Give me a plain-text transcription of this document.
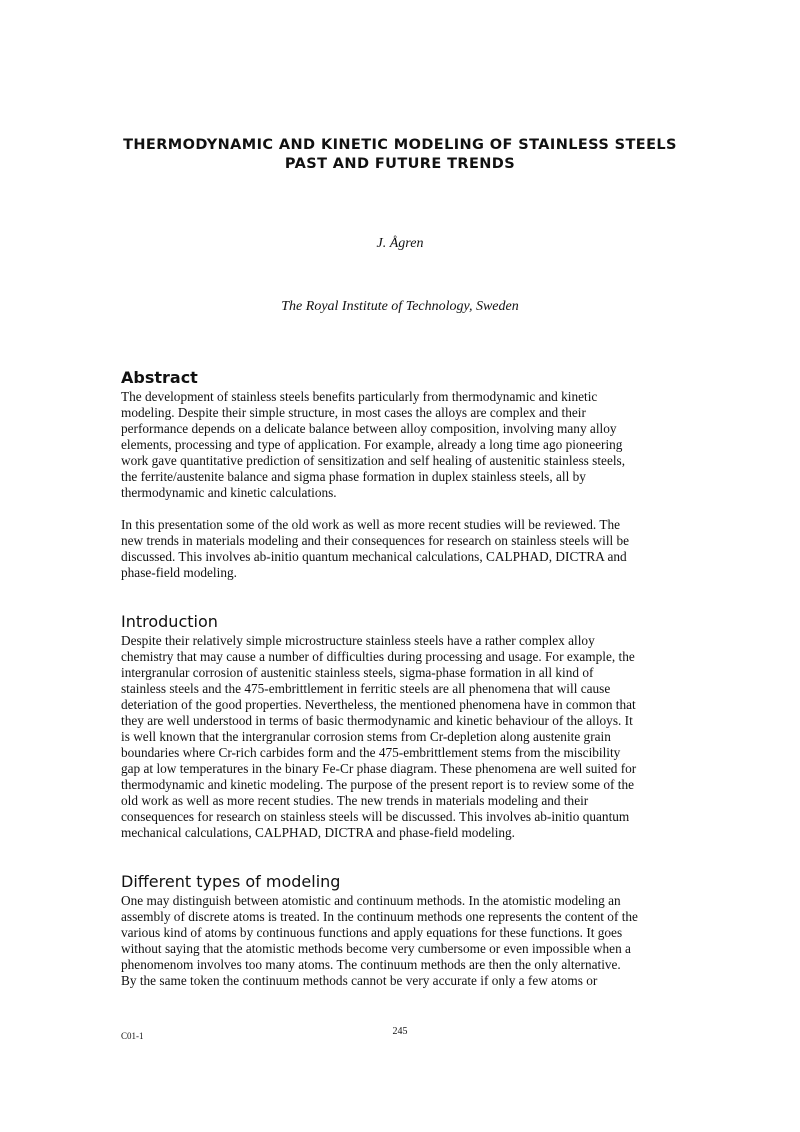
THERMODYNAMIC AND KINETIC MODELING OF STAINLESS STEELS
PAST AND FUTURE TRENDS
J. Ågren
The Royal Institute of Technology, Sweden
Abstract
The development of stainless steels benefits particularly from thermodynamic and kinetic
modeling. Despite their simple structure, in most cases the alloys are complex and their
performance depends on a delicate balance between alloy composition, involving many alloy
elements, processing and type of application. For example, already a long time ago pioneering
work gave quantitative prediction of sensitization and self healing of austenitic stainless steels,
the ferrite/austenite balance and sigma phase formation in duplex stainless steels, all by
thermodynamic and kinetic calculations.
In this presentation some of the old work as well as more recent studies will be reviewed. The
new trends in materials modeling and their consequences for research on stainless steels will be
discussed. This involves ab-initio quantum mechanical calculations, CALPHAD, DICTRA and
phase-field modeling.
Introduction
Despite their relatively simple microstructure stainless steels have a rather complex alloy
chemistry that may cause a number of difficulties during processing and usage. For example, the
intergranular corrosion of austenitic stainless steels, sigma-phase formation in all kind of
stainless steels and the 475-embrittlement in ferritic steels are all phenomena that will cause
deteriation of the good properties. Nevertheless, the mentioned phenomena have in common that
they are well understood in terms of basic thermodynamic and kinetic behaviour of the alloys. It
is well known that the intergranular corrosion stems from Cr-depletion along austenite grain
boundaries where Cr-rich carbides form and the 475-embrittlement stems from the miscibility
gap at low temperatures in the binary Fe-Cr phase diagram. These phenomena are well suited for
thermodynamic and kinetic modeling. The purpose of the present report is to review some of the
old work as well as more recent studies. The new trends in materials modeling and their
consequences for research on stainless steels will be discussed. This involves ab-initio quantum
mechanical calculations, CALPHAD, DICTRA and phase-field modeling.
Different types of modeling
One may distinguish between atomistic and continuum methods. In the atomistic modeling an
assembly of discrete atoms is treated. In the continuum methods one represents the content of the
various kind of atoms by continuous functions and apply equations for these functions. It goes
without saying that the atomistic methods become very cumbersome or even impossible when a
phenomenom involves too many atoms. The continuum methods are then the only alternative.
By the same token the continuum methods cannot be very accurate if only a few atoms or
C01-1	245
